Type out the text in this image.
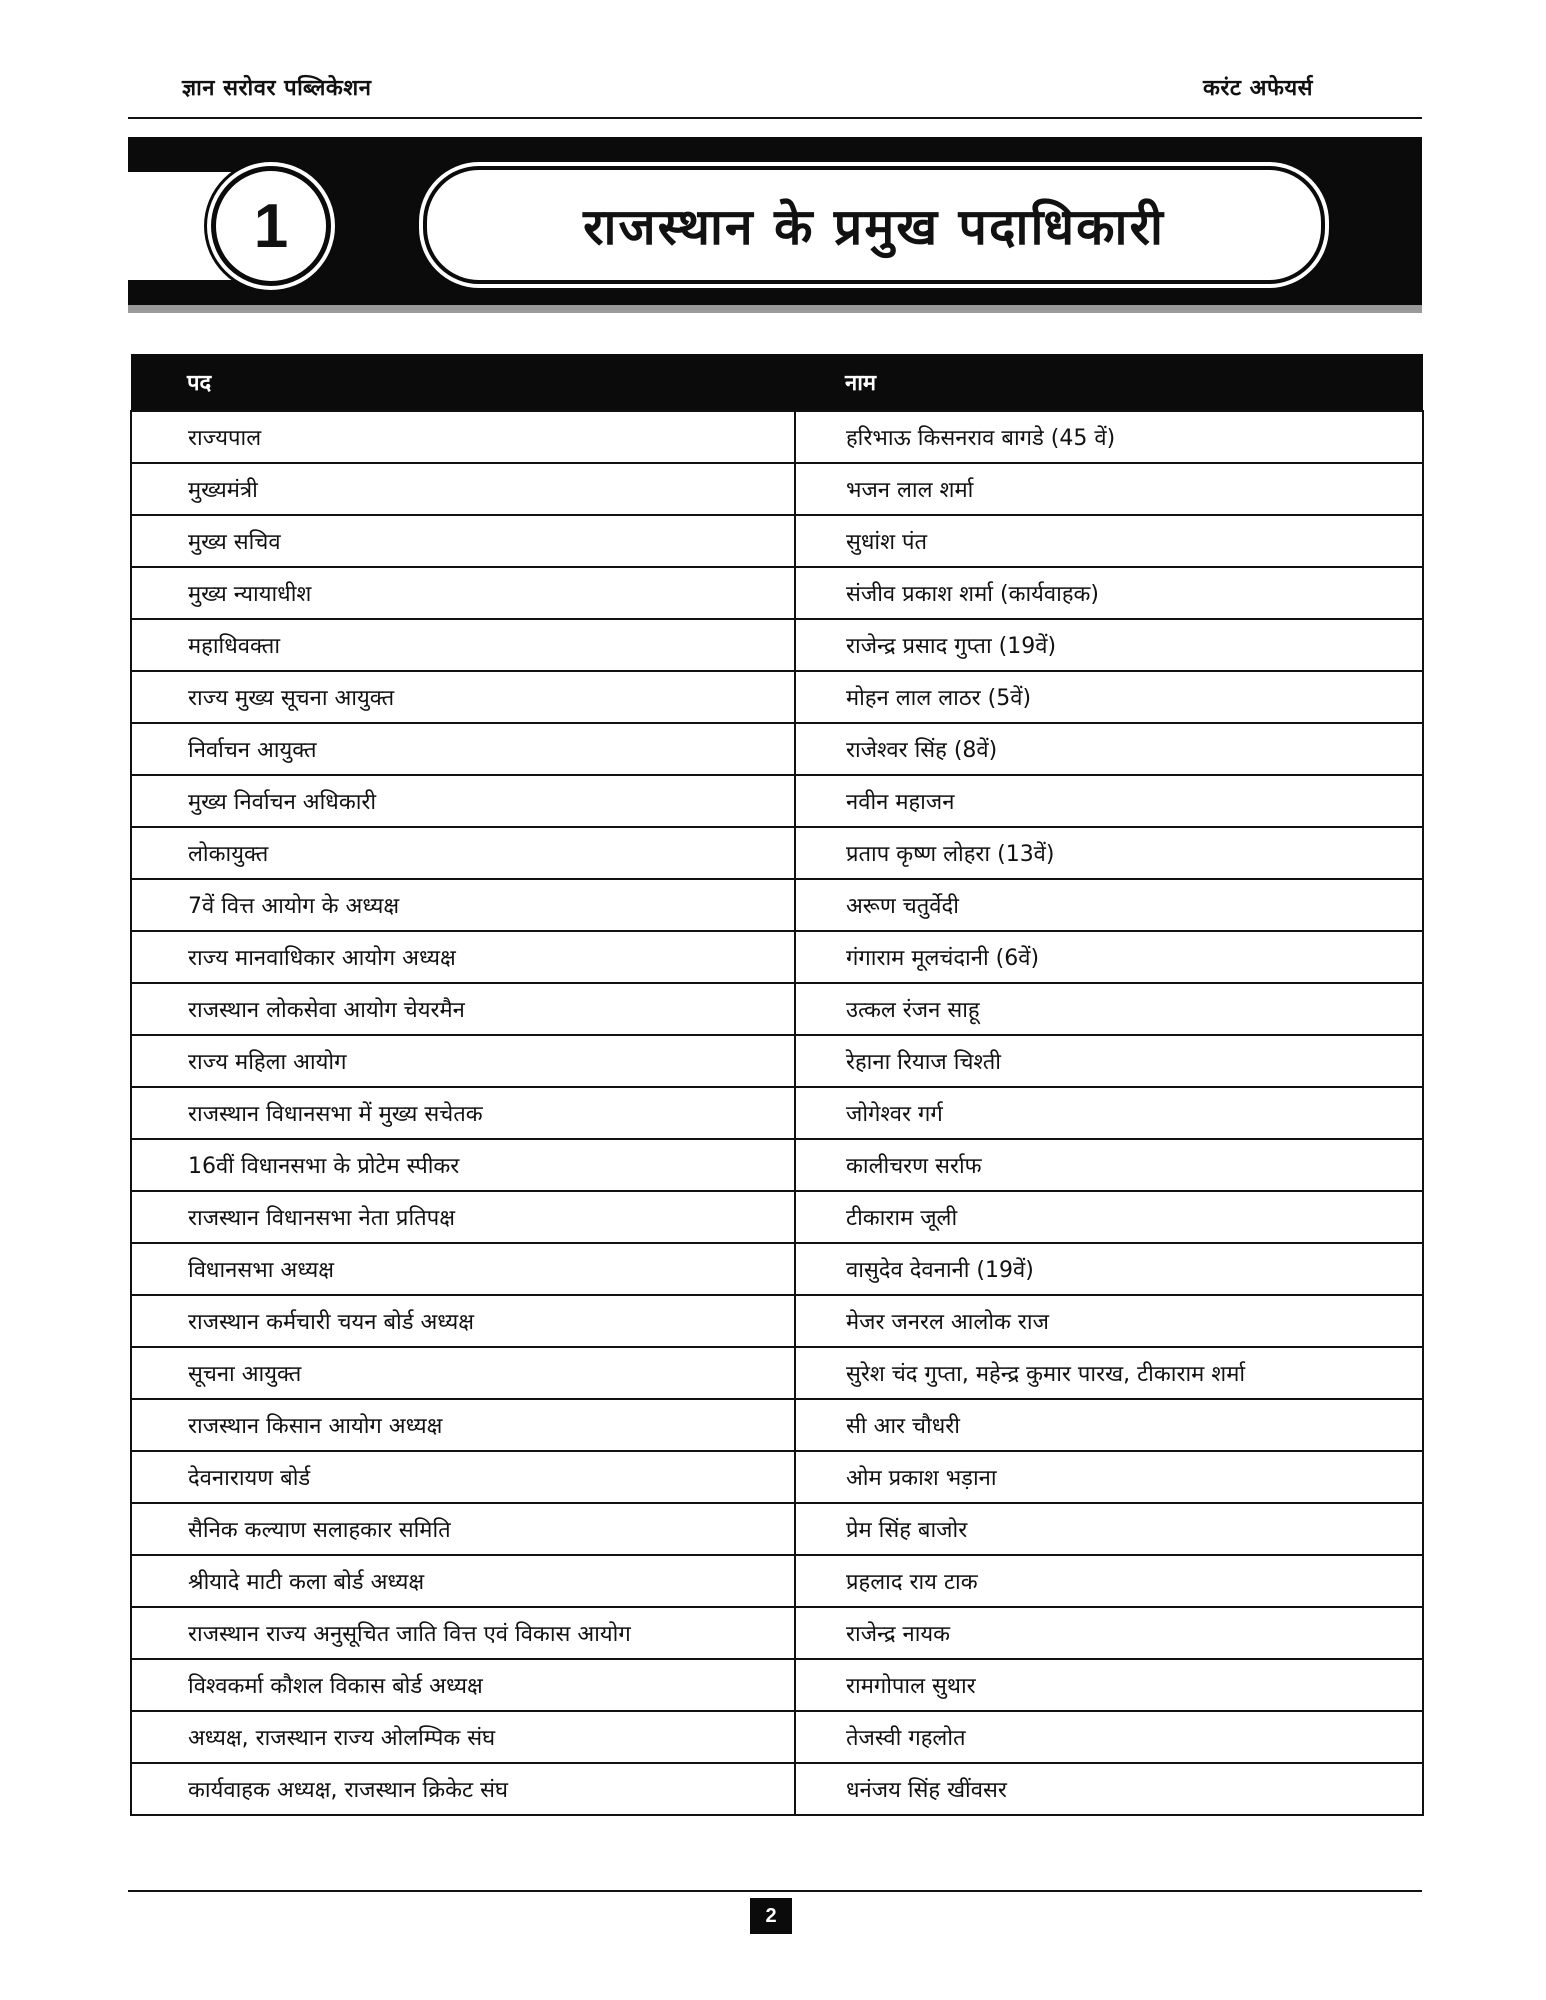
ज्ञान सरोवर पब्लिकेशन	करंट अफेयर्स
1	राजस्थान के प्रमुख पदाधिकारी
पद	नाम
राज्यपाल	हरिभाऊ किसनराव बागडे (45 वें)
मुख्यमंत्री	भजन लाल शर्मा
मुख्य सचिव	सुधांश पंत
मुख्य न्यायाधीश	संजीव प्रकाश शर्मा (कार्यवाहक)
महाधिवक्ता	राजेन्द्र प्रसाद गुप्ता (19वें)
राज्य मुख्य सूचना आयुक्त	मोहन लाल लाठर (5वें)
निर्वाचन आयुक्त	राजेश्वर सिंह (8वें)
मुख्य निर्वाचन अधिकारी	नवीन महाजन
लोकायुक्त	प्रताप कृष्ण लोहरा (13वें)
7वें वित्त आयोग के अध्यक्ष	अरूण चतुर्वेदी
राज्य मानवाधिकार आयोग अध्यक्ष	गंगाराम मूलचंदानी (6वें)
राजस्थान लोकसेवा आयोग चेयरमैन	उत्कल रंजन साहू
राज्य महिला आयोग	रेहाना रियाज चिश्ती
राजस्थान विधानसभा में मुख्य सचेतक	जोगेश्वर गर्ग
16वीं विधानसभा के प्रोटेम स्पीकर	कालीचरण सर्राफ
राजस्थान विधानसभा नेता प्रतिपक्ष	टीकाराम जूली
विधानसभा अध्यक्ष	वासुदेव देवनानी (19वें)
राजस्थान कर्मचारी चयन बोर्ड अध्यक्ष	मेजर जनरल आलोक राज
सूचना आयुक्त	सुरेश चंद गुप्ता, महेन्द्र कुमार पारख, टीकाराम शर्मा
राजस्थान किसान आयोग अध्यक्ष	सी आर चौधरी
देवनारायण बोर्ड	ओम प्रकाश भड़ाना
सैनिक कल्याण सलाहकार समिति	प्रेम सिंह बाजोर
श्रीयादे माटी कला बोर्ड अध्यक्ष	प्रहलाद राय टाक
राजस्थान राज्य अनुसूचित जाति वित्त एवं विकास आयोग	राजेन्द्र नायक
विश्वकर्मा कौशल विकास बोर्ड अध्यक्ष	रामगोपाल सुथार
अध्यक्ष, राजस्थान राज्य ओलम्पिक संघ	तेजस्वी गहलोत
कार्यवाहक अध्यक्ष, राजस्थान क्रिकेट संघ	धनंजय सिंह खींवसर
2
